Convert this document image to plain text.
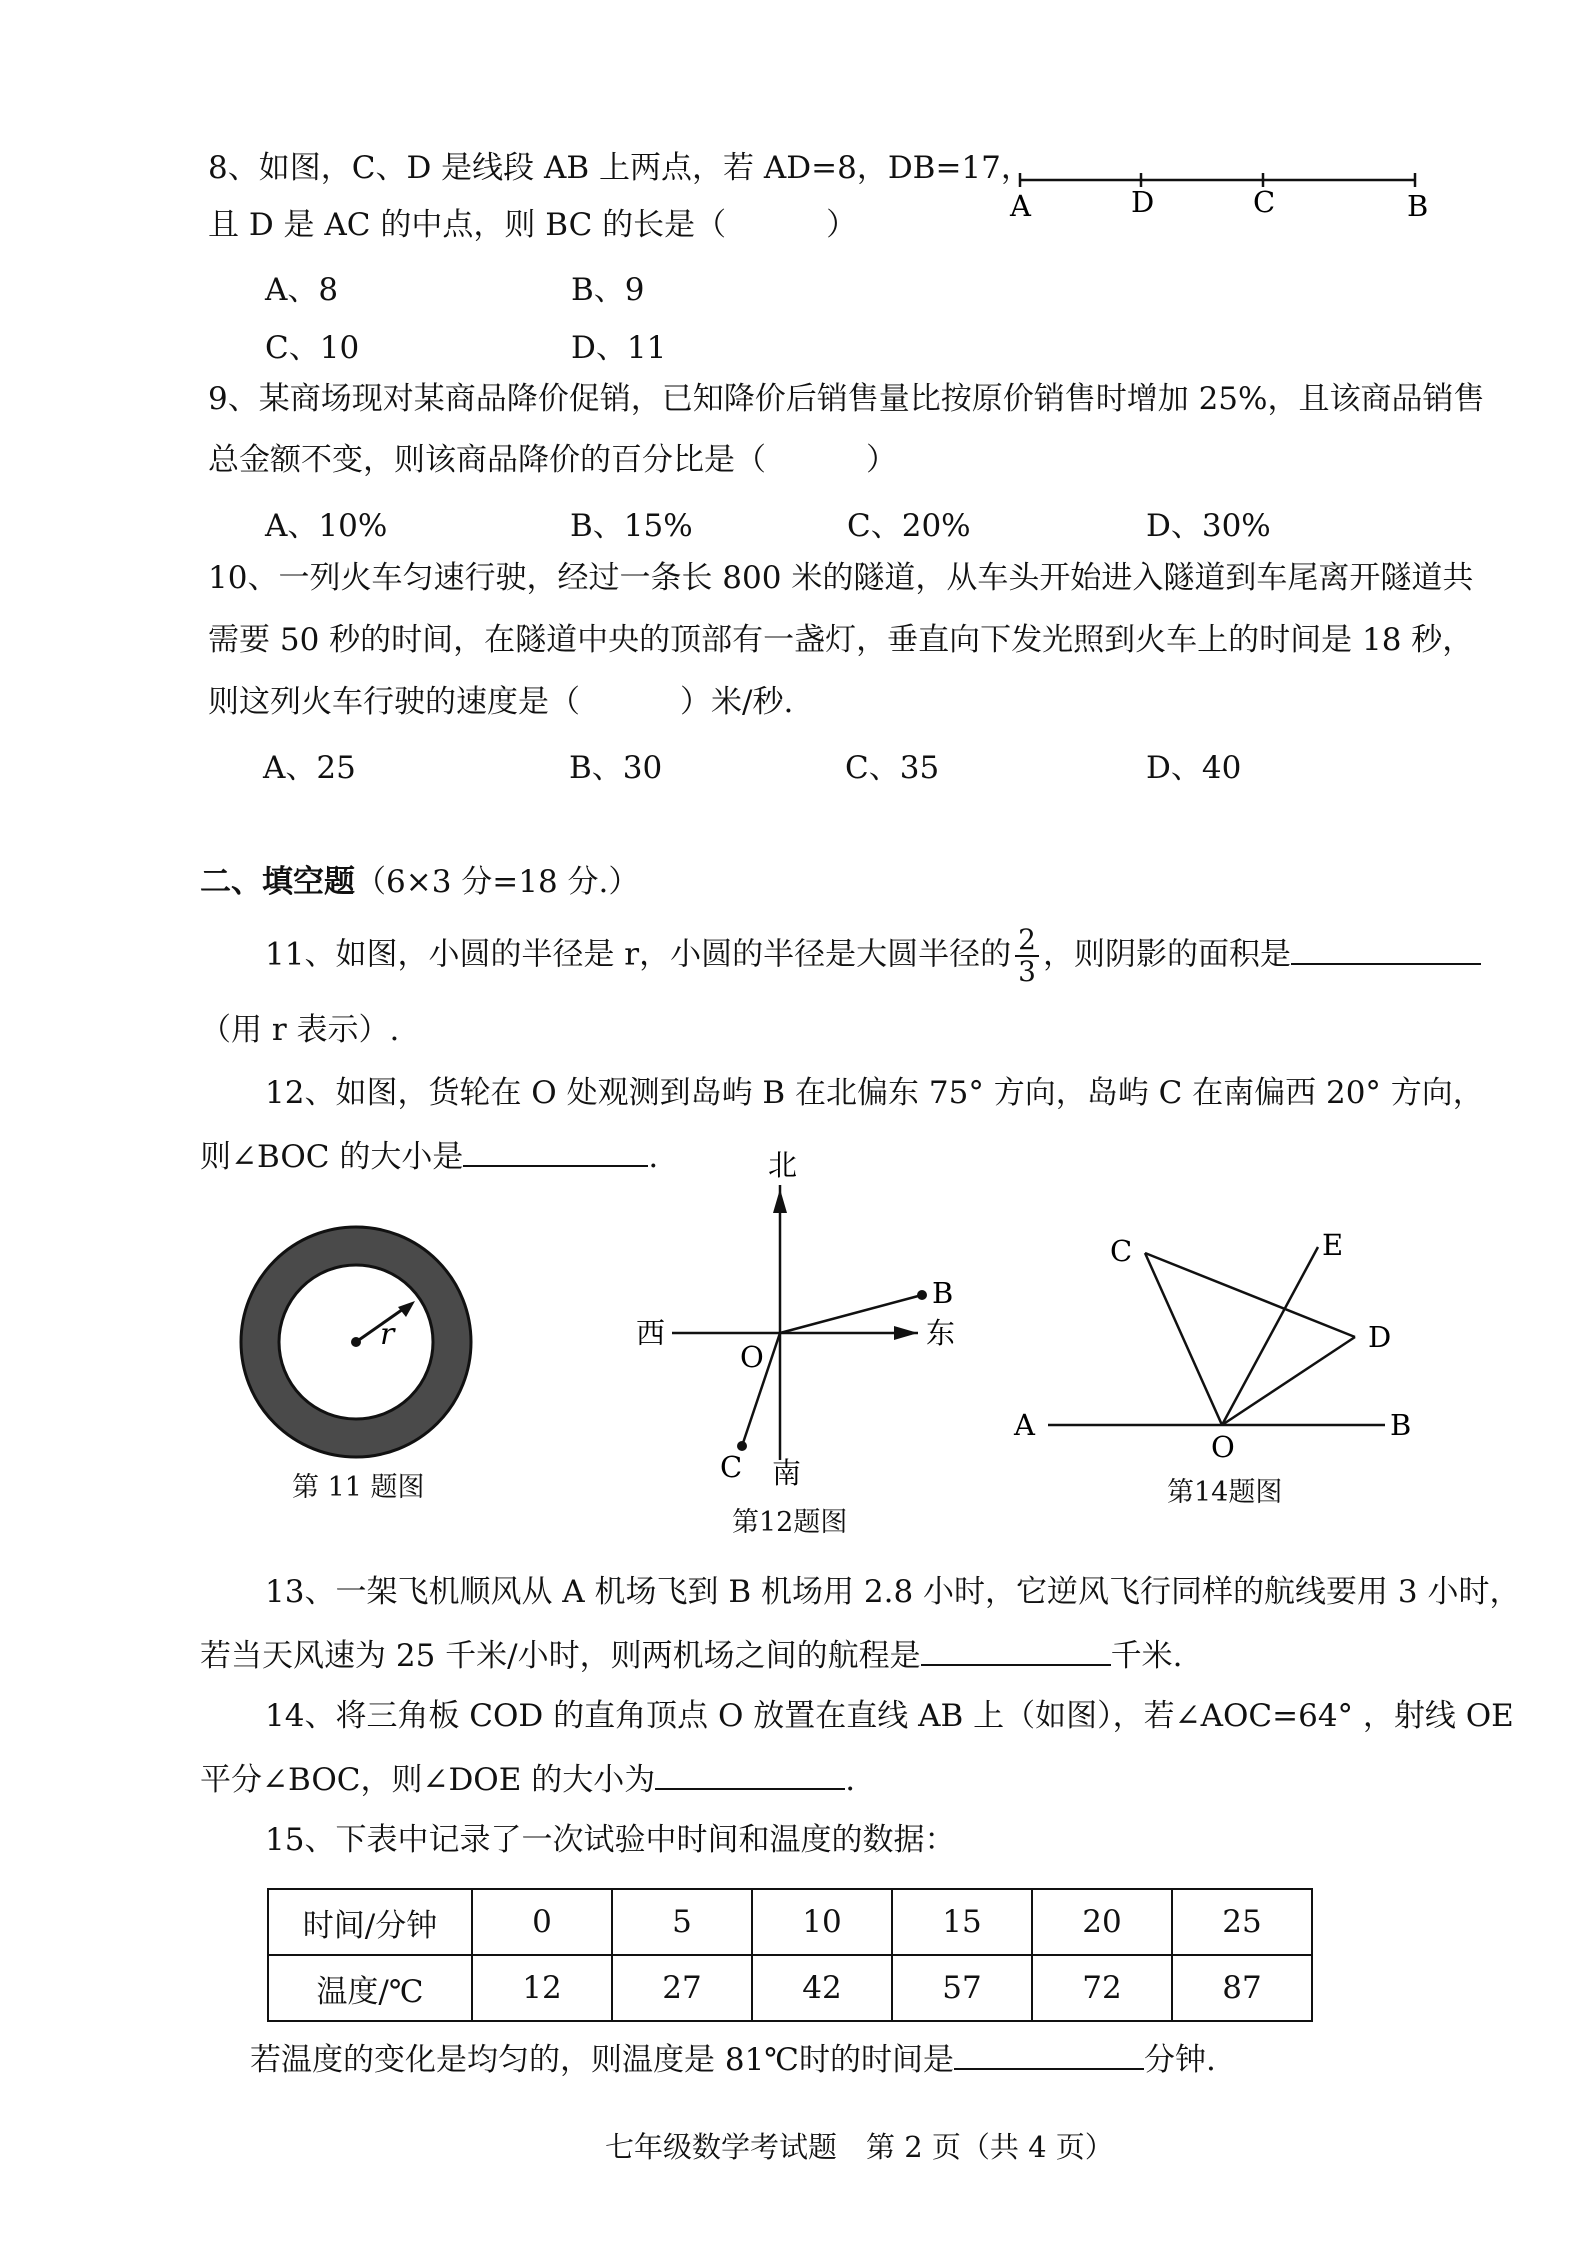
8、如图，C、D 是线段 AB 上两点，若 AD=8，DB=17，
且 D 是 AC 的中点，则 BC 的长是（	）
A	D	C	B
A、8	B、9
C、10	D、11
9、某商场现对某商品降价促销，已知降价后销售量比按原价销售时增加 25%，且该商品销售
总金额不变，则该商品降价的百分比是（	）
A、10%	B、15%	C、20%	D、30%
10、一列火车匀速行驶，经过一条长 800 米的隧道，从车头开始进入隧道到车尾离开隧道共
需要 50 秒的时间，在隧道中央的顶部有一盏灯，垂直向下发光照到火车上的时间是 18 秒，
则这列火车行驶的速度是（	）米/秒.
A、25	B、30	C、35	D、40
二、填空题（6×3 分=18 分.）
11、如图，小圆的半径是 r，小圆的半径是大圆半径的 $\frac{2}{3}$ ，则阴影的面积是
（用 r 表示）.
12、如图，货轮在 O 处观测到岛屿 B 在北偏东 75° 方向，岛屿 C 在南偏西 20° 方向，
则∠BOC 的大小是	.
r
第 11 题图
北
南
东
西
O
B
C
第12题图
A	B
C
D
E
O
第14题图
13、一架飞机顺风从 A 机场飞到 B 机场用 2.8 小时，它逆风飞行同样的航线要用 3 小时，
若当天风速为 25 千米/小时，则两机场之间的航程是	千米.
14、将三角板 COD 的直角顶点 O 放置在直线 AB 上（如图），若∠AOC=64° ，射线 OE
平分∠BOC，则∠DOE 的大小为	.
15、下表中记录了一次试验中时间和温度的数据：
时间/分钟	0	5	10	15	20	25
温度/℃	12	27	42	57	72	87
若温度的变化是均匀的，则温度是 81℃时的时间是	分钟.
七年级数学考试题　第 2 页（共 4 页）
